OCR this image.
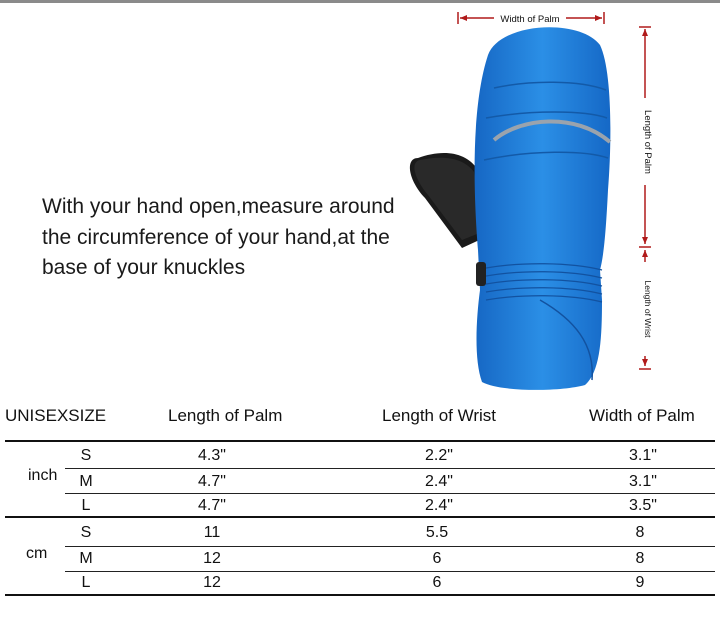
With your hand open,measure around
the circumference of your hand,at the
base of your knuckles
Width of Palm
Length of Palm
Length of Wrist
UNISEXSIZE	Length of Palm	Length of Wrist	Width of Palm
inch
S	4.3"	2.2"	3.1"
M	4.7"	2.4"	3.1"
L	4.7"	2.4"	3.5"
cm
S	11	5.5	8
M	12	6	8
L	12	6	9
